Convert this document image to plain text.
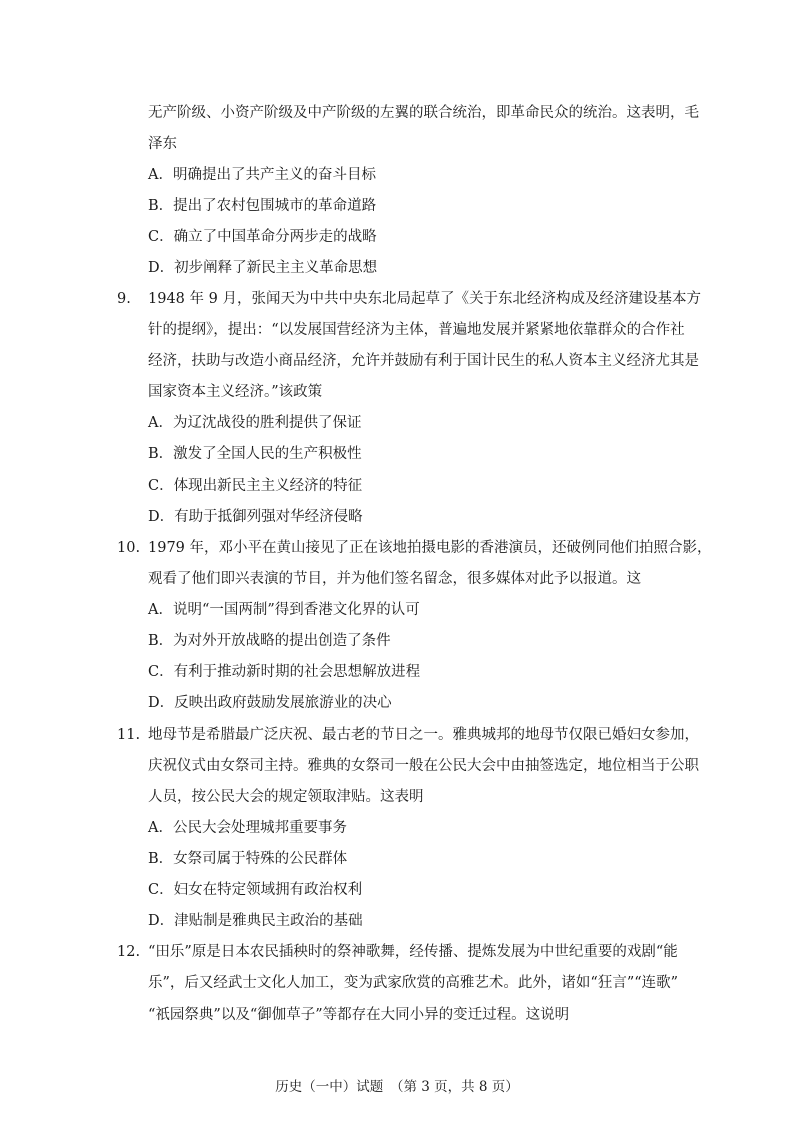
无产阶级、小资产阶级及中产阶级的左翼的联合统治，即革命民众的统治。这表明，毛
泽东
A．明确提出了共产主义的奋斗目标
B．提出了农村包围城市的革命道路
C．确立了中国革命分两步走的战略
D．初步阐释了新民主主义革命思想
9. 1948 年 9 月，张闻天为中共中央东北局起草了《关于东北经济构成及经济建设基本方
针的提纲》，提出：“以发展国营经济为主体，普遍地发展并紧紧地依靠群众的合作社
经济，扶助与改造小商品经济，允许并鼓励有利于国计民生的私人资本主义经济尤其是
国家资本主义经济。”该政策
A．为辽沈战役的胜利提供了保证
B．激发了全国人民的生产积极性
C．体现出新民主主义经济的特征
D．有助于抵御列强对华经济侵略
10. 1979 年，邓小平在黄山接见了正在该地拍摄电影的香港演员，还破例同他们拍照合影，
观看了他们即兴表演的节目，并为他们签名留念，很多媒体对此予以报道。这
A．说明“一国两制”得到香港文化界的认可
B．为对外开放战略的提出创造了条件
C．有利于推动新时期的社会思想解放进程
D．反映出政府鼓励发展旅游业的决心
11. 地母节是希腊最广泛庆祝、最古老的节日之一。雅典城邦的地母节仅限已婚妇女参加，
庆祝仪式由女祭司主持。雅典的女祭司一般在公民大会中由抽签选定，地位相当于公职
人员，按公民大会的规定领取津贴。这表明
A．公民大会处理城邦重要事务
B．女祭司属于特殊的公民群体
C．妇女在特定领域拥有政治权利
D．津贴制是雅典民主政治的基础
12. “田乐”原是日本农民插秧时的祭神歌舞，经传播、提炼发展为中世纪重要的戏剧“能
乐”，后又经武士文化人加工，变为武家欣赏的高雅艺术。此外，诸如“狂言”“连歌”
“祇园祭典”以及“御伽草子”等都存在大同小异的变迁过程。这说明
历史（一中）试题　（第 3 页，共 8 页）
